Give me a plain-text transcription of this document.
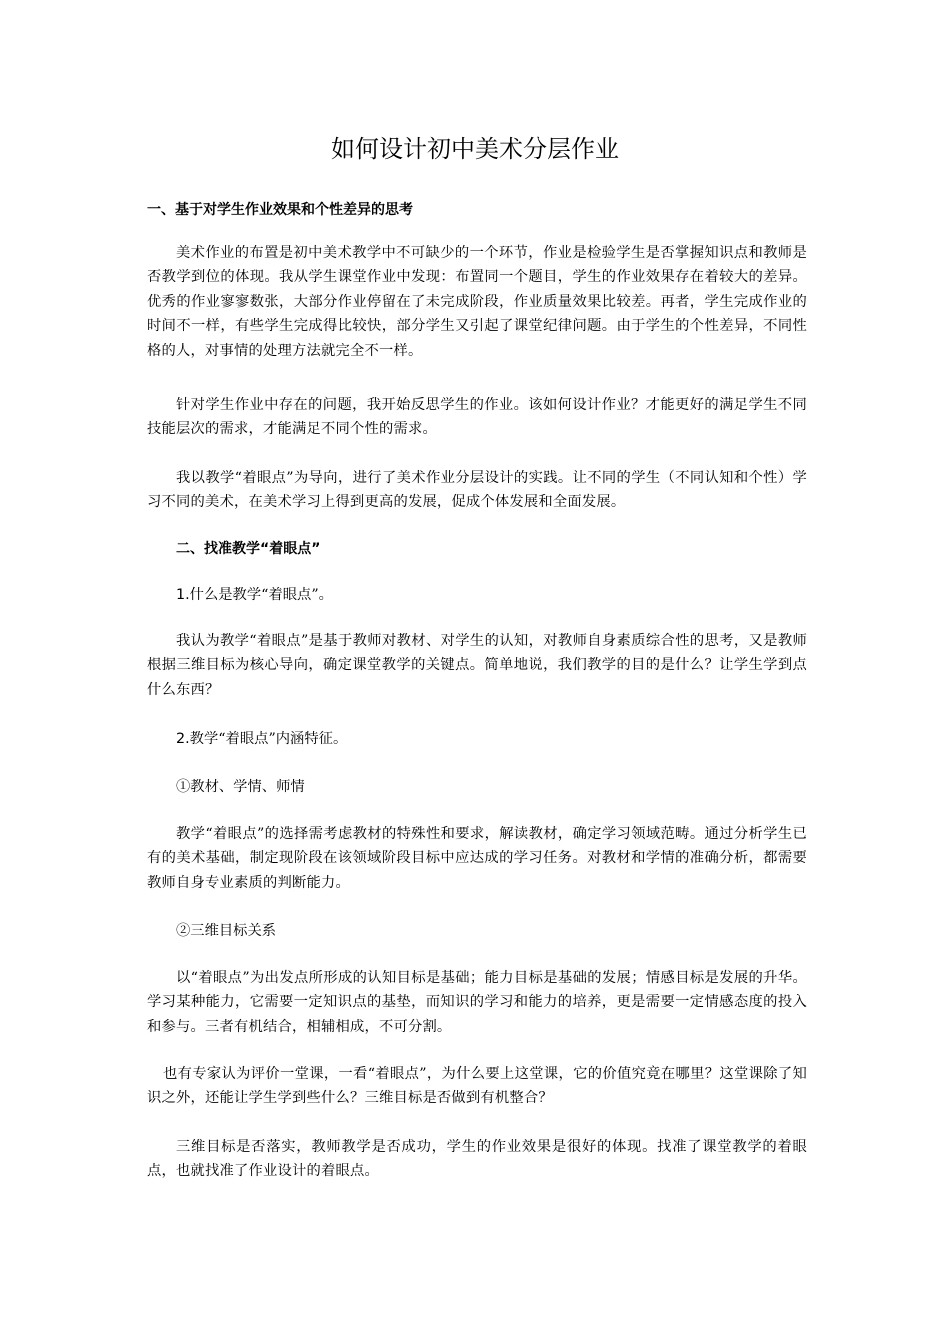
如何设计初中美术分层作业
一、基于对学生作业效果和个性差异的思考

美术作业的布置是初中美术教学中不可缺少的一个环节，作业是检验学生是否掌握知识点和教师是否教学到位的体现。我从学生课堂作业中发现：布置同一个题目，学生的作业效果存在着较大的差异。优秀的作业寥寥数张，大部分作业停留在了未完成阶段，作业质量效果比较差。再者，学生完成作业的时间不一样，有些学生完成得比较快，部分学生又引起了课堂纪律问题。由于学生的个性差异，不同性格的人，对事情的处理方法就完全不一样。

针对学生作业中存在的问题，我开始反思学生的作业。该如何设计作业？才能更好的满足学生不同技能层次的需求，才能满足不同个性的需求。

我以教学“着眼点”为导向，进行了美术作业分层设计的实践。让不同的学生（不同认知和个性）学习不同的美术，在美术学习上得到更高的发展，促成个体发展和全面发展。

二、找准教学“着眼点”

1.什么是教学“着眼点”。

我认为教学“着眼点”是基于教师对教材、对学生的认知，对教师自身素质综合性的思考，又是教师根据三维目标为核心导向，确定课堂教学的关键点。简单地说，我们教学的目的是什么？让学生学到点什么东西？

2.教学“着眼点”内涵特征。

①教材、学情、师情

教学“着眼点”的选择需考虑教材的特殊性和要求，解读教材，确定学习领域范畴。通过分析学生已有的美术基础，制定现阶段在该领域阶段目标中应达成的学习任务。对教材和学情的准确分析，都需要教师自身专业素质的判断能力。

②三维目标关系

以“着眼点”为出发点所形成的认知目标是基础；能力目标是基础的发展；情感目标是发展的升华。学习某种能力，它需要一定知识点的基垫，而知识的学习和能力的培养，更是需要一定情感态度的投入和参与。三者有机结合，相辅相成，不可分割。

也有专家认为评价一堂课，一看“着眼点”，为什么要上这堂课，它的价值究竟在哪里？这堂课除了知识之外，还能让学生学到些什么？三维目标是否做到有机整合？

三维目标是否落实，教师教学是否成功，学生的作业效果是很好的体现。找准了课堂教学的着眼点，也就找准了作业设计的着眼点。
